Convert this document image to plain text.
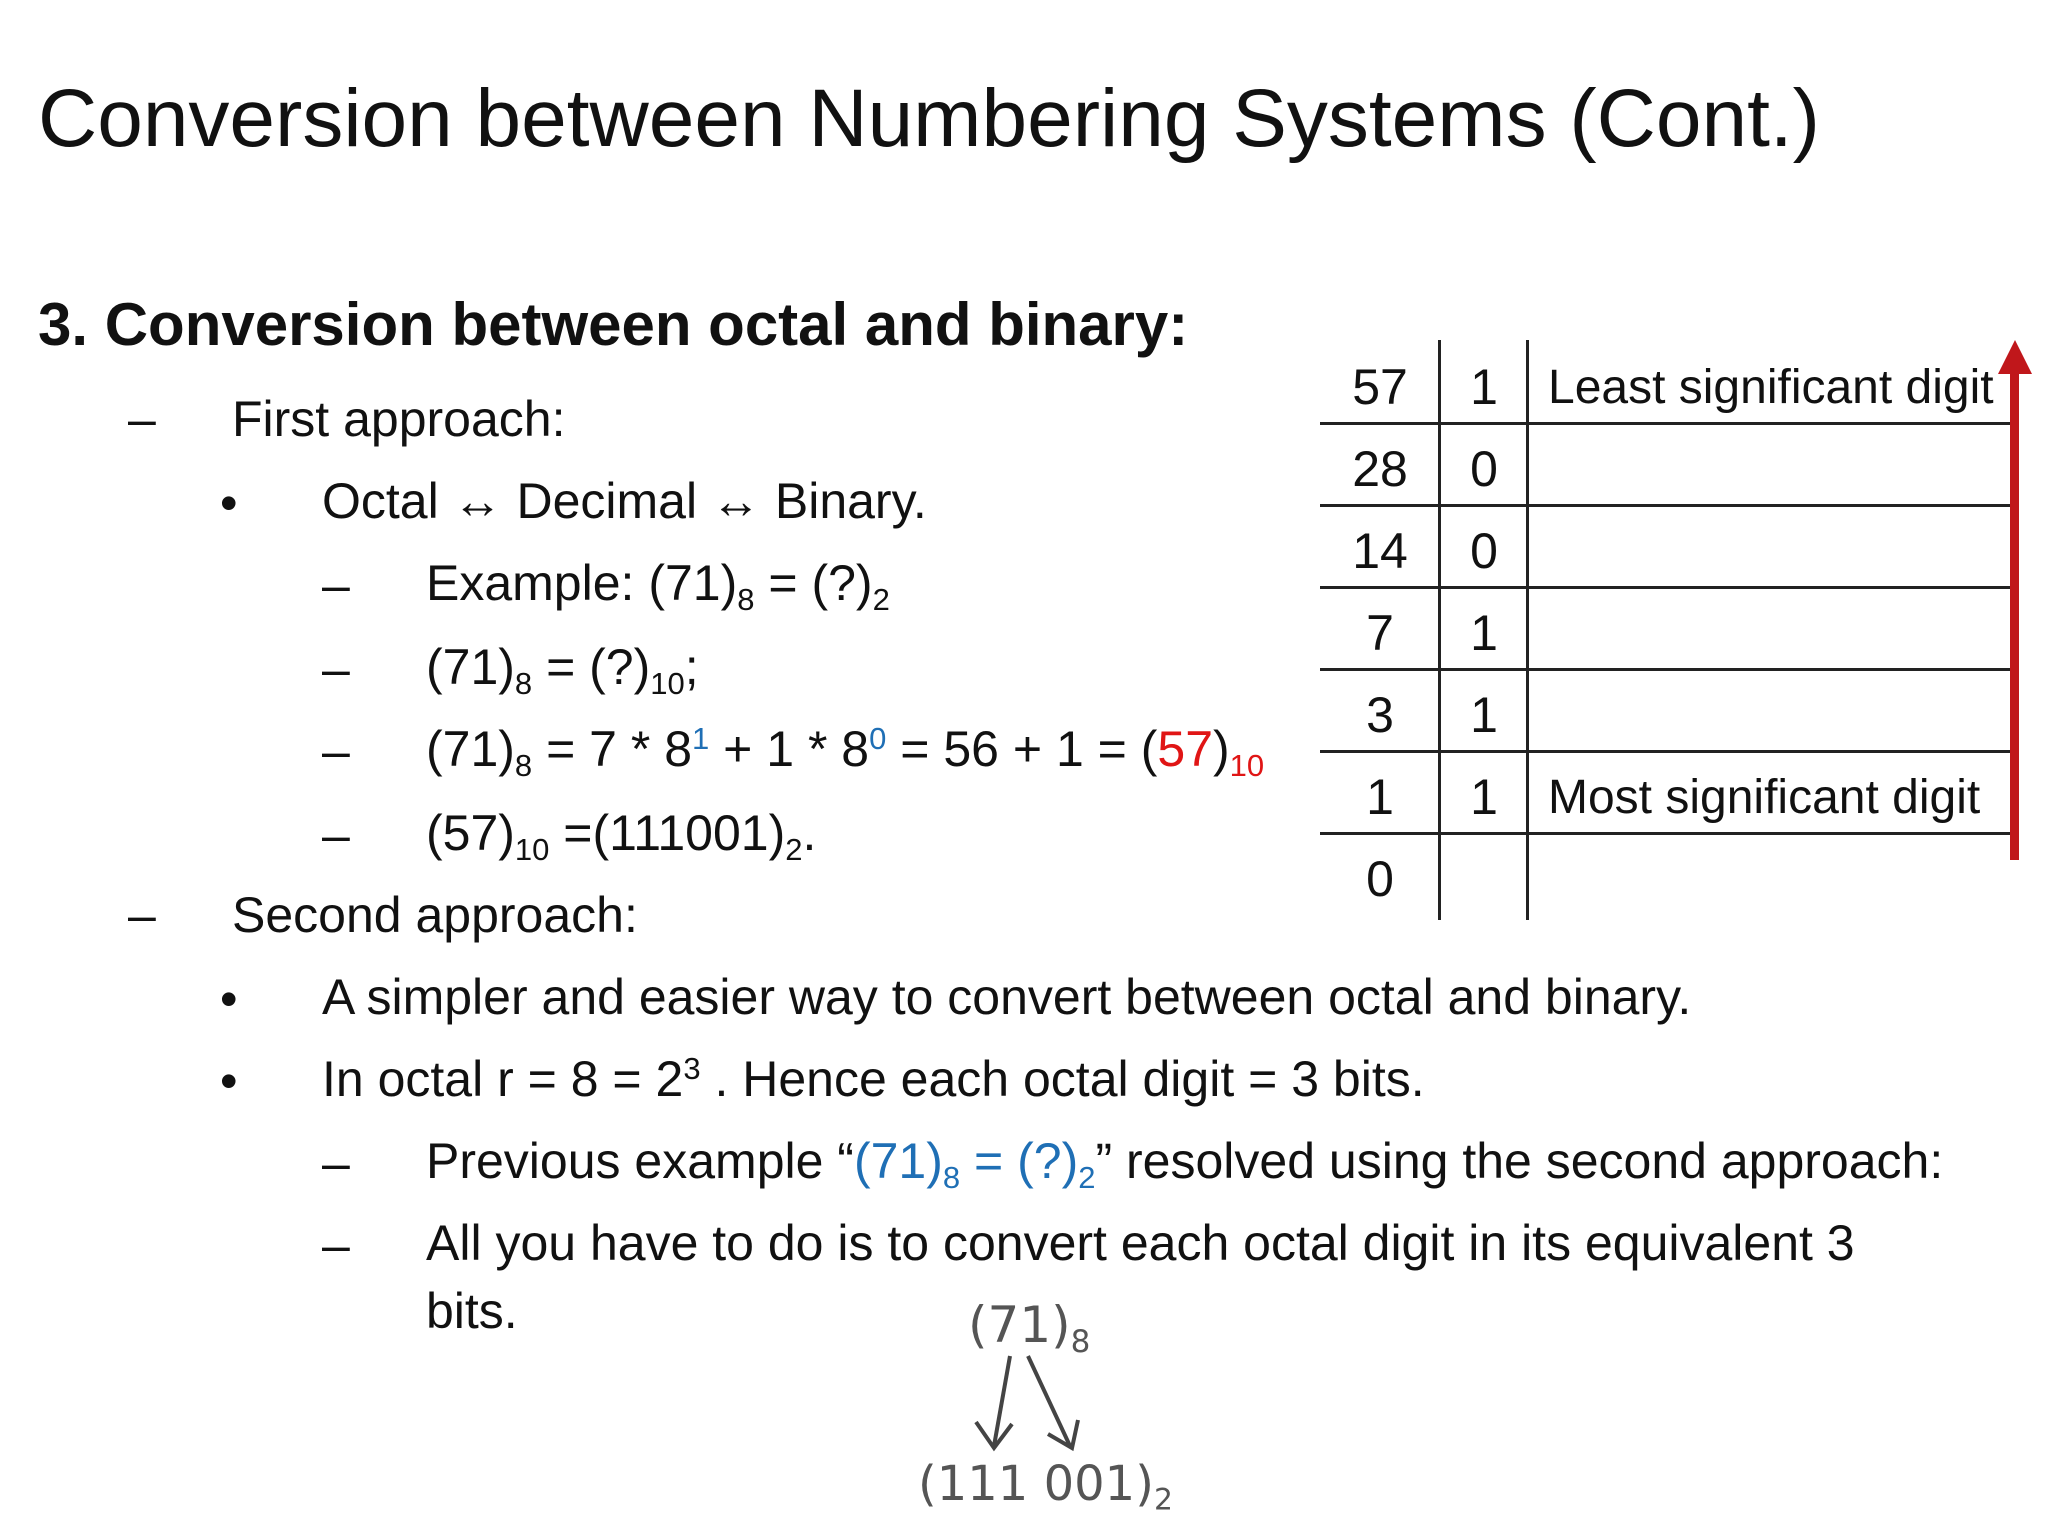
Conversion between Numbering Systems (Cont.)
3. Conversion between octal and binary:
– First approach:
• Octal ↔ Decimal ↔ Binary.
– Example: $(71)_8$ = $(?)_2$
– $(71)_8$ = $(?)_{10}$;
– $(71)_8 = 7 * 8^1 + 1 * 8^0 = 56 + 1 = (57)_{10}$
– $(57)_{10} =(111001)_2$.
– Second approach:
• A simpler and easier way to convert between octal and binary.
• In octal $r = 8 = 2^3$ . Hence each octal digit = 3 bits.
– Previous example “$(71)_8$ = $(?)_2$” resolved using the second approach:
– All you have to do is to convert each octal digit in its equivalent 3
bits.
57
28
14
7
3
1
0
1
0
0
1
1
1
Least significant digit
Most significant digit
$(71)_8$
(111 $001)_2$
